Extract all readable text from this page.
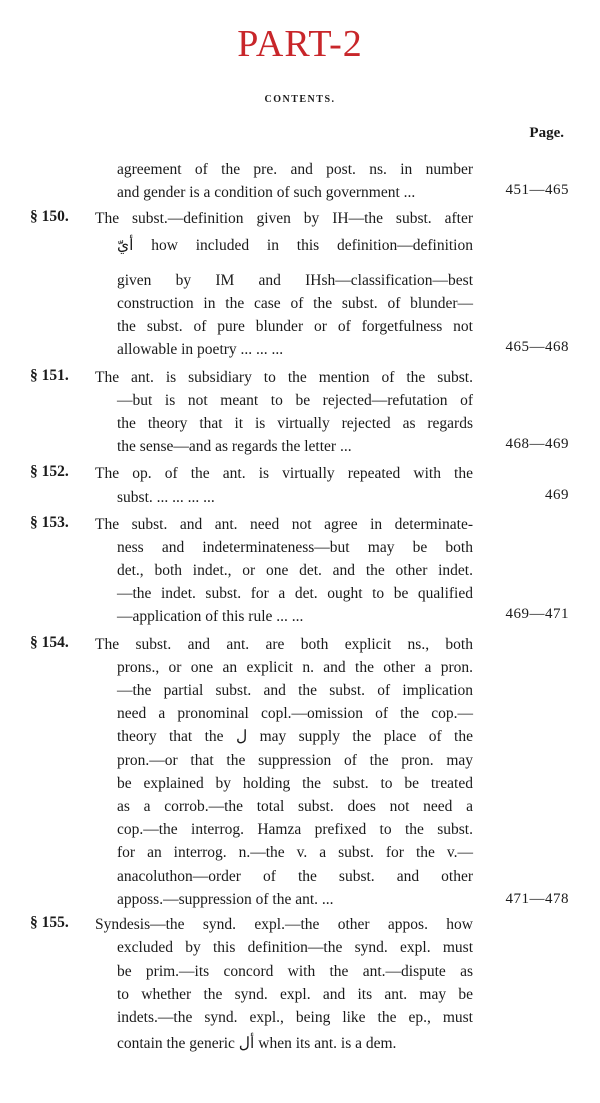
PART-2
CONTENTS.
Page.
agreement of the pre. and post. ns. in number
and gender is a condition of such government ...	451—465
§ 150. The subst.—definition given by IH—the subst. after
أيّ how included in this definition—definition
given by IM and IHsh—classification—best
construction in the case of the subst. of blunder—
the subst. of pure blunder or of forgetfulness not
allowable in poetry ... ... ...	465—468
§ 151. The ant. is subsidiary to the mention of the subst.
—but is not meant to be rejected—refutation of
the theory that it is virtually rejected as regards
the sense—and as regards the letter ...	468—469
§ 152. The op. of the ant. is virtually repeated with the
subst. ... ... ... ...	469
§ 153. The subst. and ant. need not agree in determinate-
ness and indeterminateness—but may be both
det., both indet., or one det. and the other indet.
—the indet. subst. for a det. ought to be qualified
—application of this rule ... ...	469—471
§ 154. The subst. and ant. are both explicit ns., both
prons., or one an explicit n. and the other a pron.
—the partial subst. and the subst. of implication
need a pronominal copl.—omission of the cop.—
theory that the ل may supply the place of the
pron.—or that the suppression of the pron. may
be explained by holding the subst. to be treated
as a corrob.—the total subst. does not need a
cop.—the interrog. Hamza prefixed to the subst.
for an interrog. n.—the v. a subst. for the v.—
anacoluthon—order of the subst. and other
apposs.—suppression of the ant. ...	471—478
§ 155. Syndesis—the synd. expl.—the other appos. how
excluded by this definition—the synd. expl. must
be prim.—its concord with the ant.—dispute as
to whether the synd. expl. and its ant. may be
indets.—the synd. expl., being like the ep., must
contain the generic أل when its ant. is a dem.
